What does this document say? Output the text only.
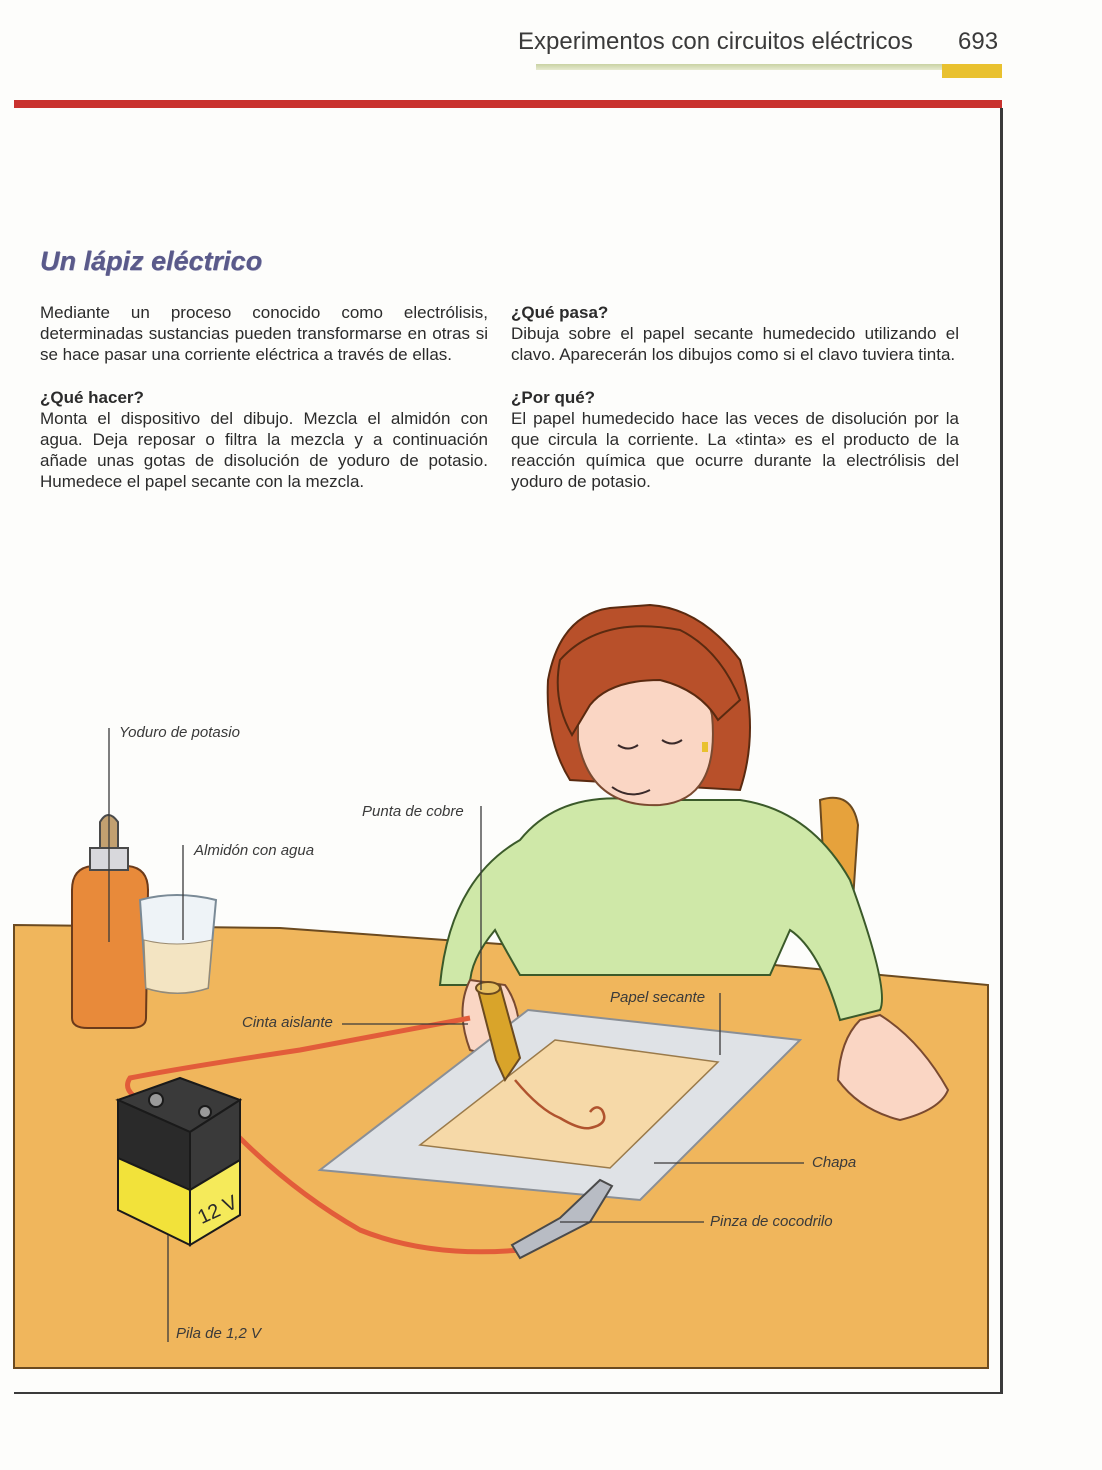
Experimentos con circuitos eléctricos 693
Un lápiz eléctrico

Mediante un proceso conocido como electrólisis, determinadas sustancias pueden transformarse en otras si se hace pasar una corriente eléctrica a través de ellas.

¿Qué hacer?

Monta el dispositivo del dibujo. Mezcla el almidón con agua. Deja reposar o filtra la mezcla y a continuación añade unas gotas de disolución de yoduro de potasio. Humedece el papel secante con la mezcla.

¿Qué pasa?

Dibuja sobre el papel secante humedecido utilizando el clavo. Aparecerán los dibujos como si el clavo tuviera tinta.

¿Por qué?

El papel humedecido hace las veces de disolución por la que circula la corriente. La «tinta» es el producto de la reacción química que ocurre durante la electrólisis del yoduro de potasio.

12 V
Yoduro de potasio
Punta de cobre
Almidón con agua
Cinta aislante
Papel secante
Chapa
Pinza de cocodrilo
Pila de 1,2 V
